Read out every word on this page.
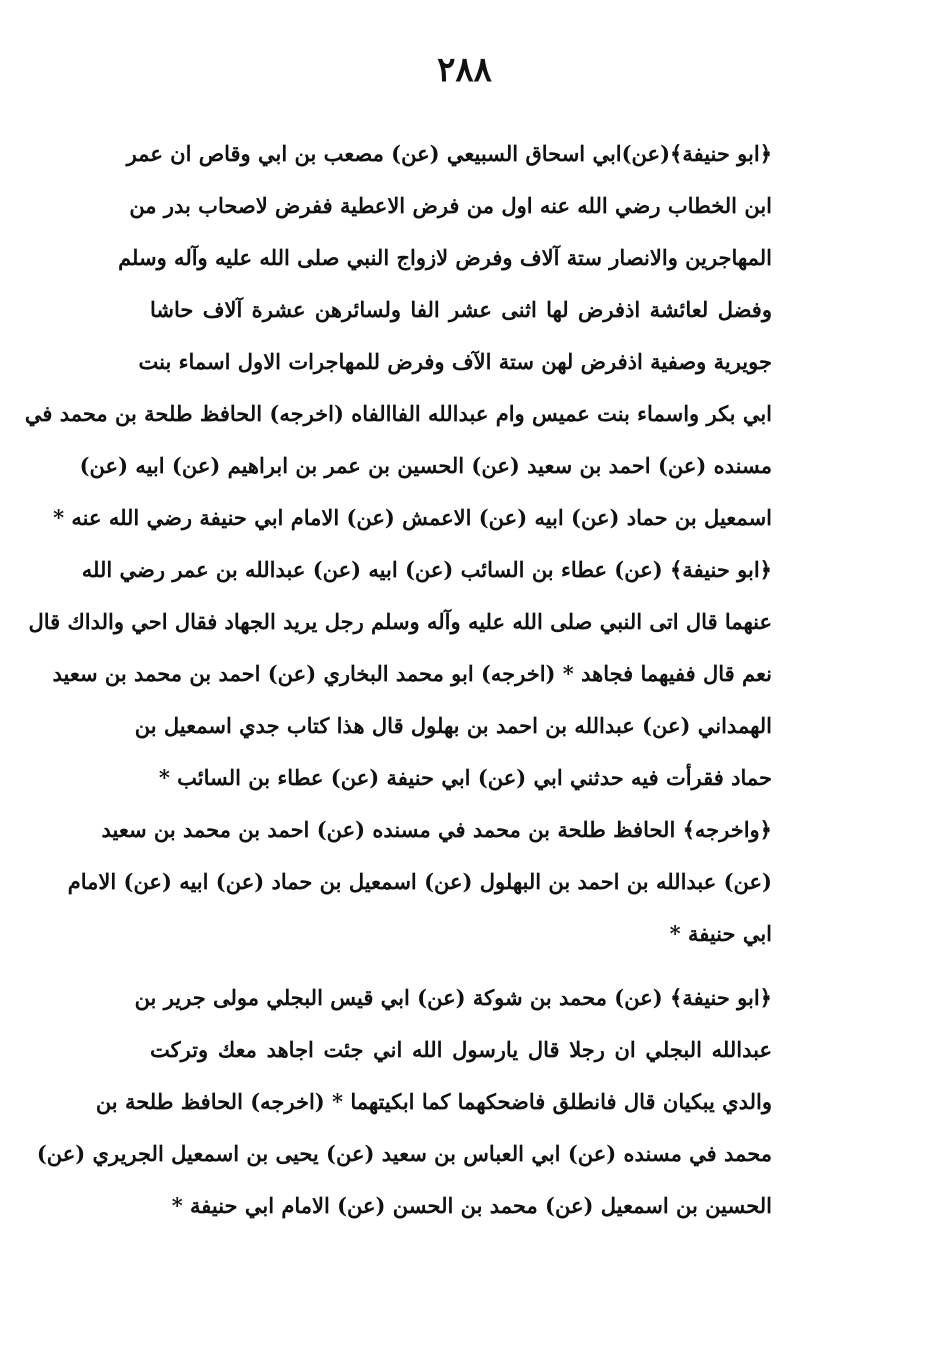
٢٨٨
﴿ابو حنيفة﴾(عن)ابي اسحاق السبيعي (عن) مصعب بن ابي وقاص ان عمر
ابن الخطاب رضي الله عنه اول من فرض الاعطية ففرض لاصحاب بدر من
المهاجرين والانصار ستة آلاف وفرض لازواج النبي صلى الله عليه وآله وسلم
وفضل لعائشة اذفرض لها اثنى عشر الفا ولسائرهن عشرة آلاف حاشا
جويرية وصفية اذفرض لهن ستة الآف وفرض للمهاجرات الاول اسماء بنت
ابي بكر واسماء بنت عميس وام عبدالله الفاالفاه (اخرجه) الحافظ طلحة بن محمد في
مسنده (عن) احمد بن سعيد (عن) الحسين بن عمر بن ابراهيم (عن) ابيه (عن)
اسمعيل بن حماد (عن) ابيه (عن) الاعمش (عن) الامام ابي حنيفة رضي الله عنه *
﴿ابو حنيفة﴾ (عن) عطاء بن السائب (عن) ابيه (عن) عبدالله بن عمر رضي الله
عنهما قال اتى النبي صلى الله عليه وآله وسلم رجل يريد الجهاد فقال احي والداك قال
نعم قال ففيهما فجاهد * (اخرجه) ابو محمد البخاري (عن) احمد بن محمد بن سعيد
الهمداني (عن) عبدالله بن احمد بن بهلول قال هذا كتاب جدي اسمعيل بن
حماد فقرأت فيه حدثني ابي (عن) ابي حنيفة (عن) عطاء بن السائب *
﴿واخرجه﴾ الحافظ طلحة بن محمد في مسنده (عن) احمد بن محمد بن سعيد
(عن) عبدالله بن احمد بن البهلول (عن) اسمعيل بن حماد (عن) ابيه (عن) الامام
ابي حنيفة *
﴿ابو حنيفة﴾ (عن) محمد بن شوكة (عن) ابي قيس البجلي مولى جرير بن
عبدالله البجلي ان رجلا قال يارسول الله اني جئت اجاهد معك وتركت
والدي يبكيان قال فانطلق فاضحكهما كما ابكيتهما * (اخرجه) الحافظ طلحة بن
محمد في مسنده (عن) ابي العباس بن سعيد (عن) يحيى بن اسمعيل الجريري (عن)
الحسين بن اسمعيل (عن) محمد بن الحسن (عن) الامام ابي حنيفة *
